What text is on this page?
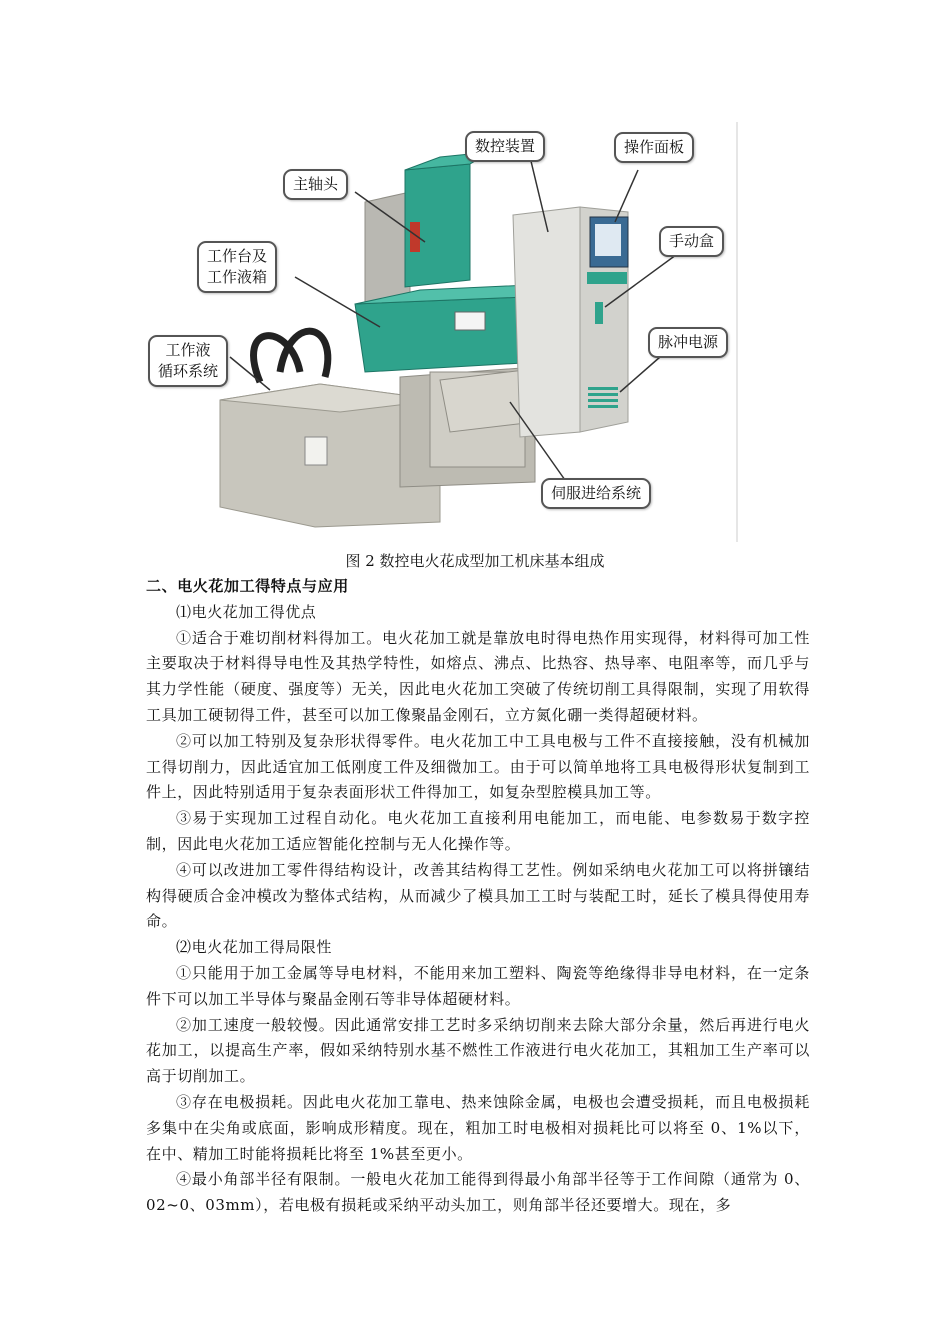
数控装置	操作面板
主轴头
工作台及
工作液箱
手动盒
工作液
循环系统
脉冲电源
伺服进给系统
图 2 数控电火花成型加工机床基本组成

二、电火花加工得特点与应用

⑴电火花加工得优点

①适合于难切削材料得加工。电火花加工就是靠放电时得电热作用实现得，材料得可加工性主要取决于材料得导电性及其热学特性，如熔点、沸点、比热容、热导率、电阻率等，而几乎与其力学性能（硬度、强度等）无关，因此电火花加工突破了传统切削工具得限制，实现了用软得工具加工硬韧得工件，甚至可以加工像聚晶金刚石，立方氮化硼一类得超硬材料。

②可以加工特别及复杂形状得零件。电火花加工中工具电极与工件不直接接触，没有机械加工得切削力，因此适宜加工低刚度工件及细微加工。由于可以简单地将工具电极得形状复制到工件上，因此特别适用于复杂表面形状工件得加工，如复杂型腔模具加工等。

③易于实现加工过程自动化。电火花加工直接利用电能加工，而电能、电参数易于数字控制，因此电火花加工适应智能化控制与无人化操作等。

④可以改进加工零件得结构设计，改善其结构得工艺性。例如采纳电火花加工可以将拼镶结构得硬质合金冲模改为整体式结构，从而减少了模具加工工时与装配工时，延长了模具得使用寿命。

⑵电火花加工得局限性

①只能用于加工金属等导电材料，不能用来加工塑料、陶瓷等绝缘得非导电材料，在一定条件下可以加工半导体与聚晶金刚石等非导体超硬材料。

②加工速度一般较慢。因此通常安排工艺时多采纳切削来去除大部分余量，然后再进行电火花加工，以提高生产率，假如采纳特别水基不燃性工作液进行电火花加工，其粗加工生产率可以高于切削加工。

③存在电极损耗。因此电火花加工靠电、热来蚀除金属，电极也会遭受损耗，而且电极损耗多集中在尖角或底面，影响成形精度。现在，粗加工时电极相对损耗比可以将至 0、1%以下，在中、精加工时能将损耗比将至 1%甚至更小。

④最小角部半径有限制。一般电火花加工能得到得最小角部半径等于工作间隙（通常为 0、02~0、03mm），若电极有损耗或采纳平动头加工，则角部半径还要增大。现在，多
